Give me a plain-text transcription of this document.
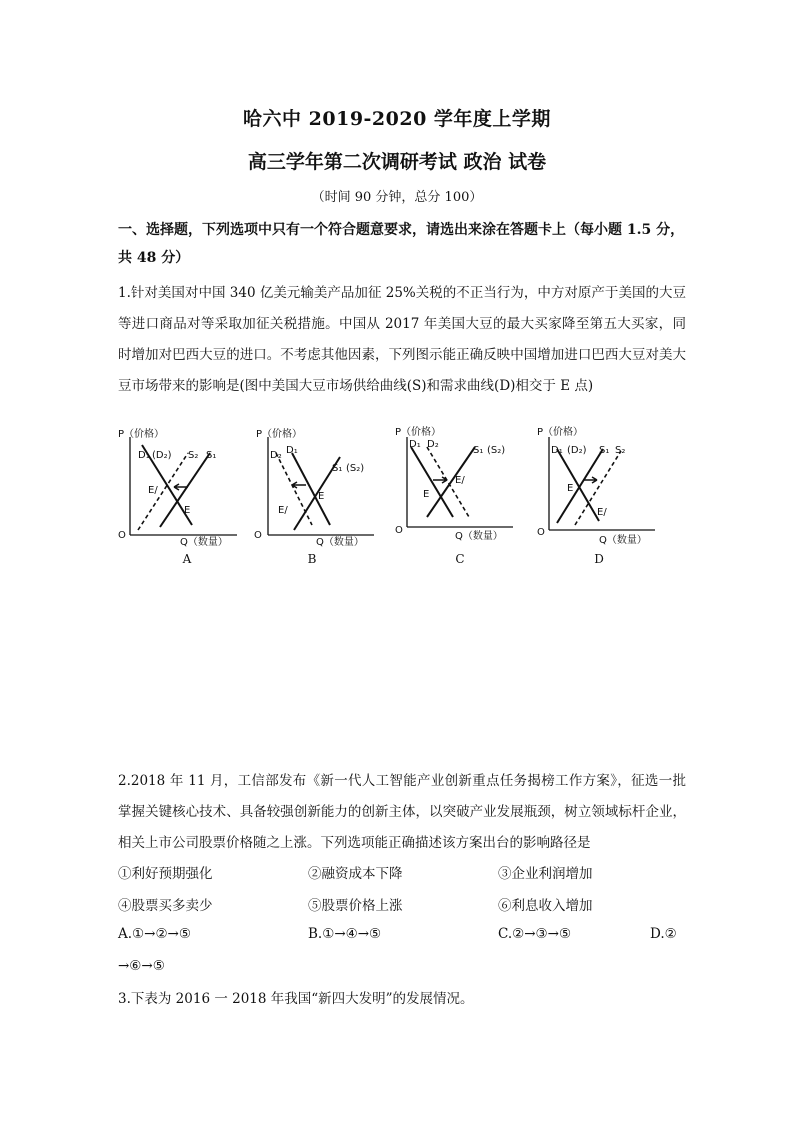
哈六中 2019-2020 学年度上学期
高三学年第二次调研考试 政治 试卷
（时间 90 分钟，总分 100）
一、选择题，下列选项中只有一个符合题意要求，请选出来涂在答题卡上（每小题 1.5 分，共 48 分）
1.针对美国对中国 340 亿美元输美产品加征 25%关税的不正当行为，中方对原产于美国的大豆等进口商品对等采取加征关税措施。中国从 2017 年美国大豆的最大买家降至第五大买家，同时增加对巴西大豆的进口。不考虑其他因素，下列图示能正确反映中国增加进口巴西大豆对美大豆市场带来的影响是(图中美国大豆市场供给曲线(S)和需求曲线(D)相交于 E 点)
P（价格）
Q（数量）
O
D₁ (D₂) S₂ S₁
E/
E
A
P（价格）
Q（数量）
O
D₂ D₁
S₁ (S₂)
E
E/
B
P（价格）
Q（数量）
O
D₁ D₂
S₁ (S₂)
E/
E
C
P（价格）
Q（数量）
O
D₁ (D₂) S₁ S₂
E
E/
D
2.2018 年 11 月，工信部发布《新一代人工智能产业创新重点任务揭榜工作方案》，征选一批掌握关键核心技术、具备较强创新能力的创新主体，以突破产业发展瓶颈，树立领域标杆企业，相关上市公司股票价格随之上涨。下列选项能正确描述该方案出台的影响路径是
①利好预期强化	②融资成本下降	③企业利润增加
④股票买多卖少	⑤股票价格上涨	⑥利息收入增加
A.①→②→⑤	B.①→④→⑤	C.②→③→⑤	D.②
→⑥→⑤
3.下表为 2016 一 2018 年我国“新四大发明”的发展情况。
